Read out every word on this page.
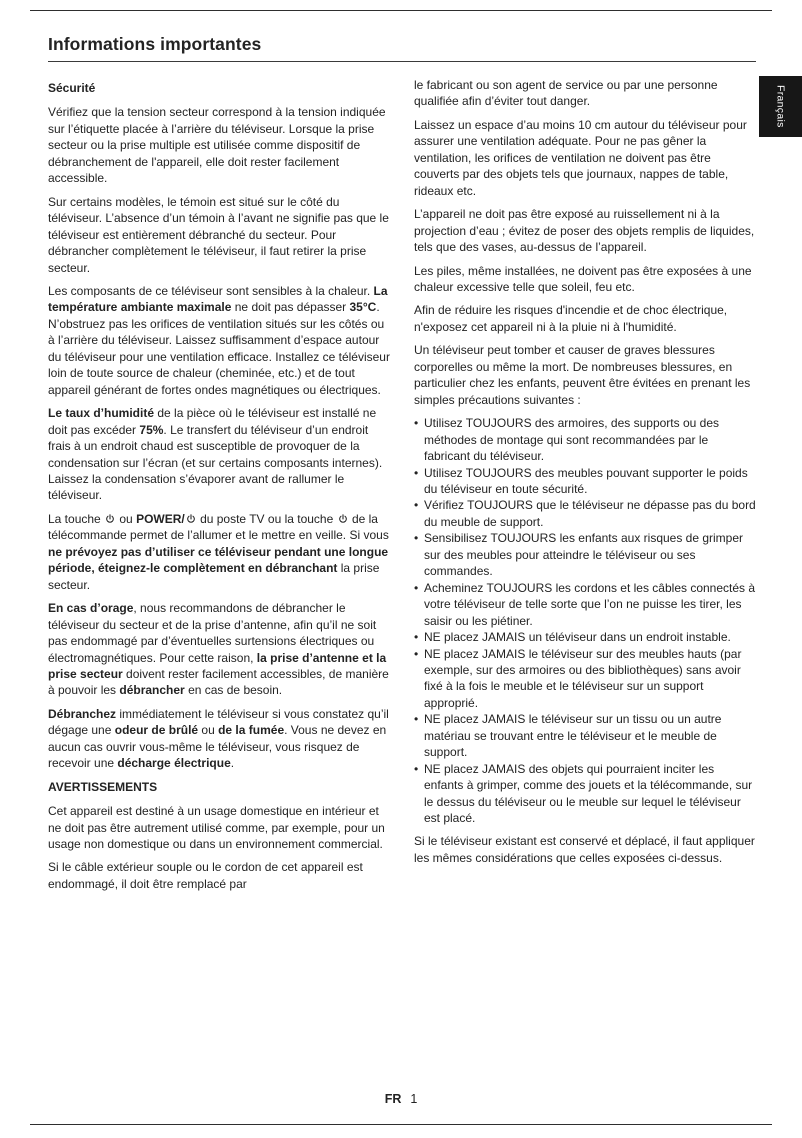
Informations importantes
Français
Sécurité

Vérifiez que la tension secteur correspond à la tension indiquée sur l’étiquette placée à l’arrière du téléviseur. Lorsque la prise secteur ou la prise multiple est utilisée comme dispositif de débranchement de l'appareil, elle doit rester facilement accessible.

Sur certains modèles, le témoin est situé sur le côté du téléviseur. L’absence d’un témoin à l’avant ne signifie pas que le téléviseur est entièrement débranché du secteur. Pour débrancher complètement le téléviseur, il faut retirer la prise secteur.

Les composants de ce téléviseur sont sensibles à la chaleur. La température ambiante maximale ne doit pas dépasser 35°C. N’obstruez pas les orifices de ventilation situés sur les côtés ou à l’arrière du téléviseur. Laissez suffisamment d’espace autour du téléviseur pour une ventilation efficace. Installez ce téléviseur loin de toute source de chaleur (cheminée, etc.) et de tout appareil générant de fortes ondes magnétiques ou électriques.

Le taux d’humidité de la pièce où le téléviseur est installé ne doit pas excéder 75%. Le transfert du téléviseur d’un endroit frais à un endroit chaud est susceptible de provoquer de la condensation sur l’écran (et sur certains composants internes). Laissez la condensation s’évaporer avant de rallumer le téléviseur.

La touche  ou POWER/ du poste TV ou la touche  de la télécommande permet de l’allumer et le mettre en veille. Si vous ne prévoyez pas d’utiliser ce téléviseur pendant une longue période, éteignez-le complètement en débranchant la prise secteur.

En cas d’orage, nous recommandons de débrancher le téléviseur du secteur et de la prise d’antenne, afin qu’il ne soit pas endommagé par d’éventuelles surtensions électriques ou électromagnétiques. Pour cette raison, la prise d’antenne et la prise secteur doivent rester facilement accessibles, de manière à pouvoir les débrancher en cas de besoin.

Débranchez immédiatement le téléviseur si vous constatez qu’il dégage une odeur de brûlé ou de la fumée. Vous ne devez en aucun cas ouvrir vous-même le téléviseur, vous risquez de recevoir une décharge électrique.

AVERTISSEMENTS

Cet appareil est destiné à un usage domestique en intérieur et ne doit pas être autrement utilisé comme, par exemple, pour un usage non domestique ou dans un environnement commercial.

Si le câble extérieur souple ou le cordon de cet appareil est endommagé, il doit être remplacé par

le fabricant ou son agent de service ou par une personne qualifiée afin d’éviter tout danger.

Laissez un espace d’au moins 10 cm autour du téléviseur pour assurer une ventilation adéquate. Pour ne pas gêner la ventilation, les orifices de ventilation ne doivent pas être couverts par des objets tels que journaux, nappes de table, rideaux etc.

L’appareil ne doit pas être exposé au ruissellement ni à la projection d’eau ; évitez de poser des objets remplis de liquides, tels que des vases, au-dessus de l’appareil.

Les piles, même installées, ne doivent pas être exposées à une chaleur excessive telle que soleil, feu etc.

Afin de réduire les risques d'incendie et de choc électrique, n'exposez cet appareil ni à la pluie ni à l'humidité.

Un téléviseur peut tomber et causer de graves blessures corporelles ou même la mort. De nombreuses blessures, en particulier chez les enfants, peuvent être évitées en prenant les simples précautions suivantes :

• Utilisez TOUJOURS des armoires, des supports ou des méthodes de montage qui sont recommandées par le fabricant du téléviseur.
• Utilisez TOUJOURS des meubles pouvant supporter le poids du téléviseur en toute sécurité.
• Vérifiez TOUJOURS que le téléviseur ne dépasse pas du bord du meuble de support.
• Sensibilisez TOUJOURS les enfants aux risques de grimper sur des meubles pour atteindre le téléviseur ou ses commandes.
• Acheminez TOUJOURS les cordons et les câbles connectés à votre téléviseur de telle sorte que l’on ne puisse les tirer, les saisir ou les piétiner.
• NE placez JAMAIS un téléviseur dans un endroit instable.
• NE placez JAMAIS le téléviseur sur des meubles hauts (par exemple, sur des armoires ou des bibliothèques) sans avoir fixé à la fois le meuble et le téléviseur sur un support approprié.
• NE placez JAMAIS le téléviseur sur un tissu ou un autre matériau se trouvant entre le téléviseur et le meuble de support.
• NE placez JAMAIS des objets qui pourraient inciter les enfants à grimper, comme des jouets et la télécommande, sur le dessus du téléviseur ou le meuble sur lequel le téléviseur est placé.

Si le téléviseur existant est conservé et déplacé, il faut appliquer les mêmes considérations que celles exposées ci-dessus.

FR 1
